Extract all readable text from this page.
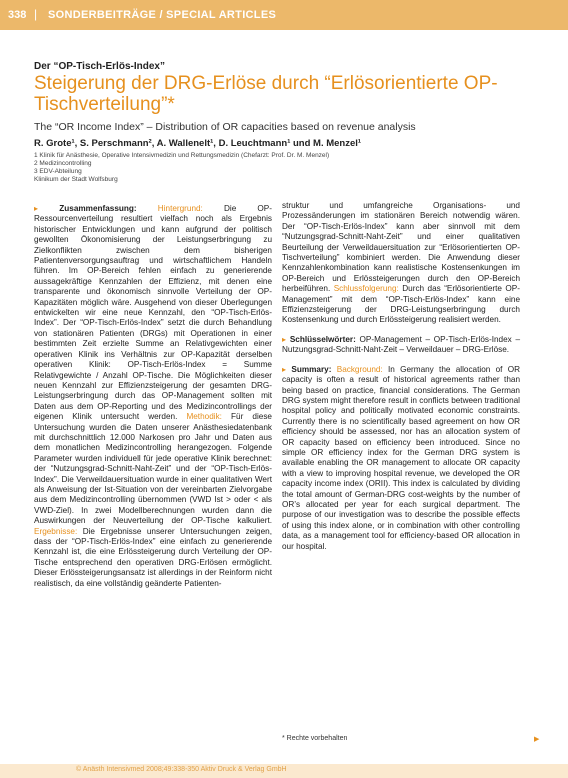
338 | SONDERBEITRÄGE / SPECIAL ARTICLES
Der “OP-Tisch-Erlös-Index”
Steigerung der DRG-Erlöse durch “Erlösorientierte OP-Tischverteilung”*
The “OR Income Index” – Distribution of OR capacities based on revenue analysis
R. Grote¹, S. Perschmann², A. Wallenelt¹, D. Leuchtmann¹ und M. Menzel¹
1 Klinik für Anästhesie, Operative Intensivmedizin und Rettungsmedizin (Chefarzt: Prof. Dr. M. Menzel)
2 Medizincontrolling
3 EDV-Abteilung
Klinikum der Stadt Wolfsburg

▸	Zusammenfassung:	Hintergrund:	Die OP-Ressourcenverteilung resultiert vielfach noch als Ergebnis historischer Entwicklungen und kann aufgrund der politisch gewollten Ökonomisierung der Leistungserbringung zu Zielkonflikten zwischen dem bisherigen Patientenversorgungsauftrag und wirtschaftlichem Handeln führen. Im OP-Bereich fehlen einfach zu generierende aussagekräftige Kennzahlen der Effizienz, mit denen eine transparente und ökonomisch sinnvolle Verteilung der OP-Kapazitäten möglich wäre. Ausgehend von dieser Überlegungen entwickelten wir eine neue Kennzahl, den “OP-Tisch-Erlös-Index”. Der “OP-Tisch-Erlös-Index” setzt die durch Behandlung von stationären Patienten (DRGs) mit Operationen in einer bestimmten Zeit erzielte Summe an Relativgewichten einer operativen Klinik ins Verhältnis zur OP-Kapazität derselben operativen Klinik: OP-Tisch-Erlös-Index = Summe Relativgewichte / Anzahl OP-Tische. Die Möglichkeiten dieser neuen Kennzahl zur Effizienzsteigerung der gesamten DRG-Leistungserbringung durch das OP-Management sollten mit Daten aus dem OP-Reporting und des Medizincontrollings der eigenen Klinik untersucht werden. Methodik: Für diese Untersuchung wurden die Daten unserer Anästhesiedatenbank mit durchschnittlich 12.000 Narkosen pro Jahr und Daten aus dem monatlichen Medizincontrolling herangezogen. Folgende Parameter wurden individuell für jede operative Klinik berechnet: der “Nutzungsgrad-Schnitt-Naht-Zeit” und der “OP-Tisch-Erlös-Index”. Die Verweildauersituation wurde in einer qualitativen Wert als Anweisung der Ist-Situation von der vereinbarten Zielvorgabe aus dem Medizincontrolling übernommen (VWD Ist > oder < als VWD-Ziel). In zwei Modellberechnungen wurden dann die Auswirkungen der Neuverteilung der OP-Tische kalkuliert. Ergebnisse: Die Ergebnisse unserer Untersuchungen zeigen, dass der “OP-Tisch-Erlös-Index” eine einfach zu generierende Kennzahl ist, die eine Erlössteigerung durch Verteilung der OP-Tische entsprechend den operativen DRG-Erlösen ermöglicht. Dieser Erlössteigerungsansatz ist allerdings in der Reinform nicht realistisch, da eine vollständig geänderte Patienten-

struktur und umfangreiche Organisations- und Prozessänderungen im stationären Bereich notwendig wären. Der “OP-Tisch-Erlös-Index” kann aber sinnvoll mit dem “Nutzungsgrad-Schnitt-Naht-Zeit” und einer qualitativen Beurteilung der Verweildauersituation zur “Erlösorientierten OP-Tischverteilung” kombiniert werden. Die Anwendung dieser Kennzahlenkombination kann realistische Kostensenkungen im OP-Bereich und Erlössteigerungen durch den OP-Bereich herbeiführen. Schlussfolgerung: Durch das “Erlösorientierte OP-Management” mit dem “OP-Tisch-Erlös-Index” kann eine Effizienzsteigerung der DRG-Leistungserbringung durch Kostensenkung und durch Erlössteigerung realisiert werden.

▸ Schlüsselwörter: OP-Management – OP-Tisch-Erlös-Index – Nutzungsgrad-Schnitt-Naht-Zeit – Verweildauer – DRG-Erlöse.

▸ Summary: Background: In Germany the allocation of OR capacity is often a result of historical agreements rather than being based on practice, financial considerations. The German DRG system might therefore result in conflicts between traditional hospital policy and politically motivated economic constraints. Currently there is no scientifically based agreement on how OR efficiency should be assessed, nor has an allocation system of OR capacity based on efficiency been introduced. Since no simple OR efficiency index for the German DRG system is available enabling the OR management to allocate OR capacity with a view to improving hospital revenue, we developed the OR capacity income index (ORII). This index is calculated by dividing the total amount of German-DRG cost-weights by the number of OR’s allocated per year for each surgical department. The purpose of our investigation was to describe the possible effects of using this index alone, or in combination with other controlling data, as a management tool for efficiency-based OR allocation in our hospital.

* Rechte vorbehalten	▶
© Anästh Intensivmed 2008;49:338-350 Aktiv Druck & Verlag GmbH
